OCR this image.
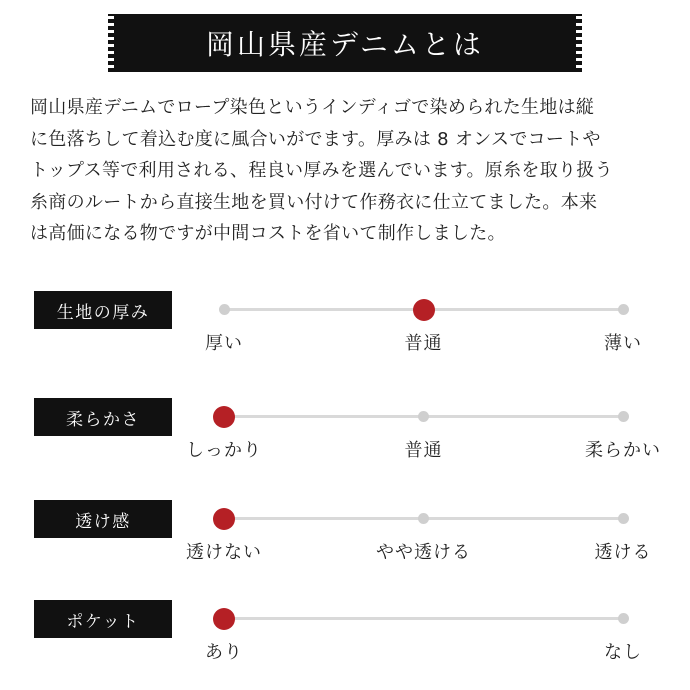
岡山県産デニムとは
岡山県産デニムでロープ染色というインディゴで染められた生地は縦
に色落ちして着込む度に風合いがでます。厚みは 8 オンスでコートや
トップス等で利用される、程良い厚みを選んでいます。原糸を取り扱う
糸商のルートから直接生地を買い付けて作務衣に仕立てました。本来
は高価になる物ですが中間コストを省いて制作しました。
生地の厚み
厚い	普通	薄い
柔らかさ
しっかり	普通	柔らかい
透け感
透けない	やや透ける	透ける
ポケット
あり	なし
